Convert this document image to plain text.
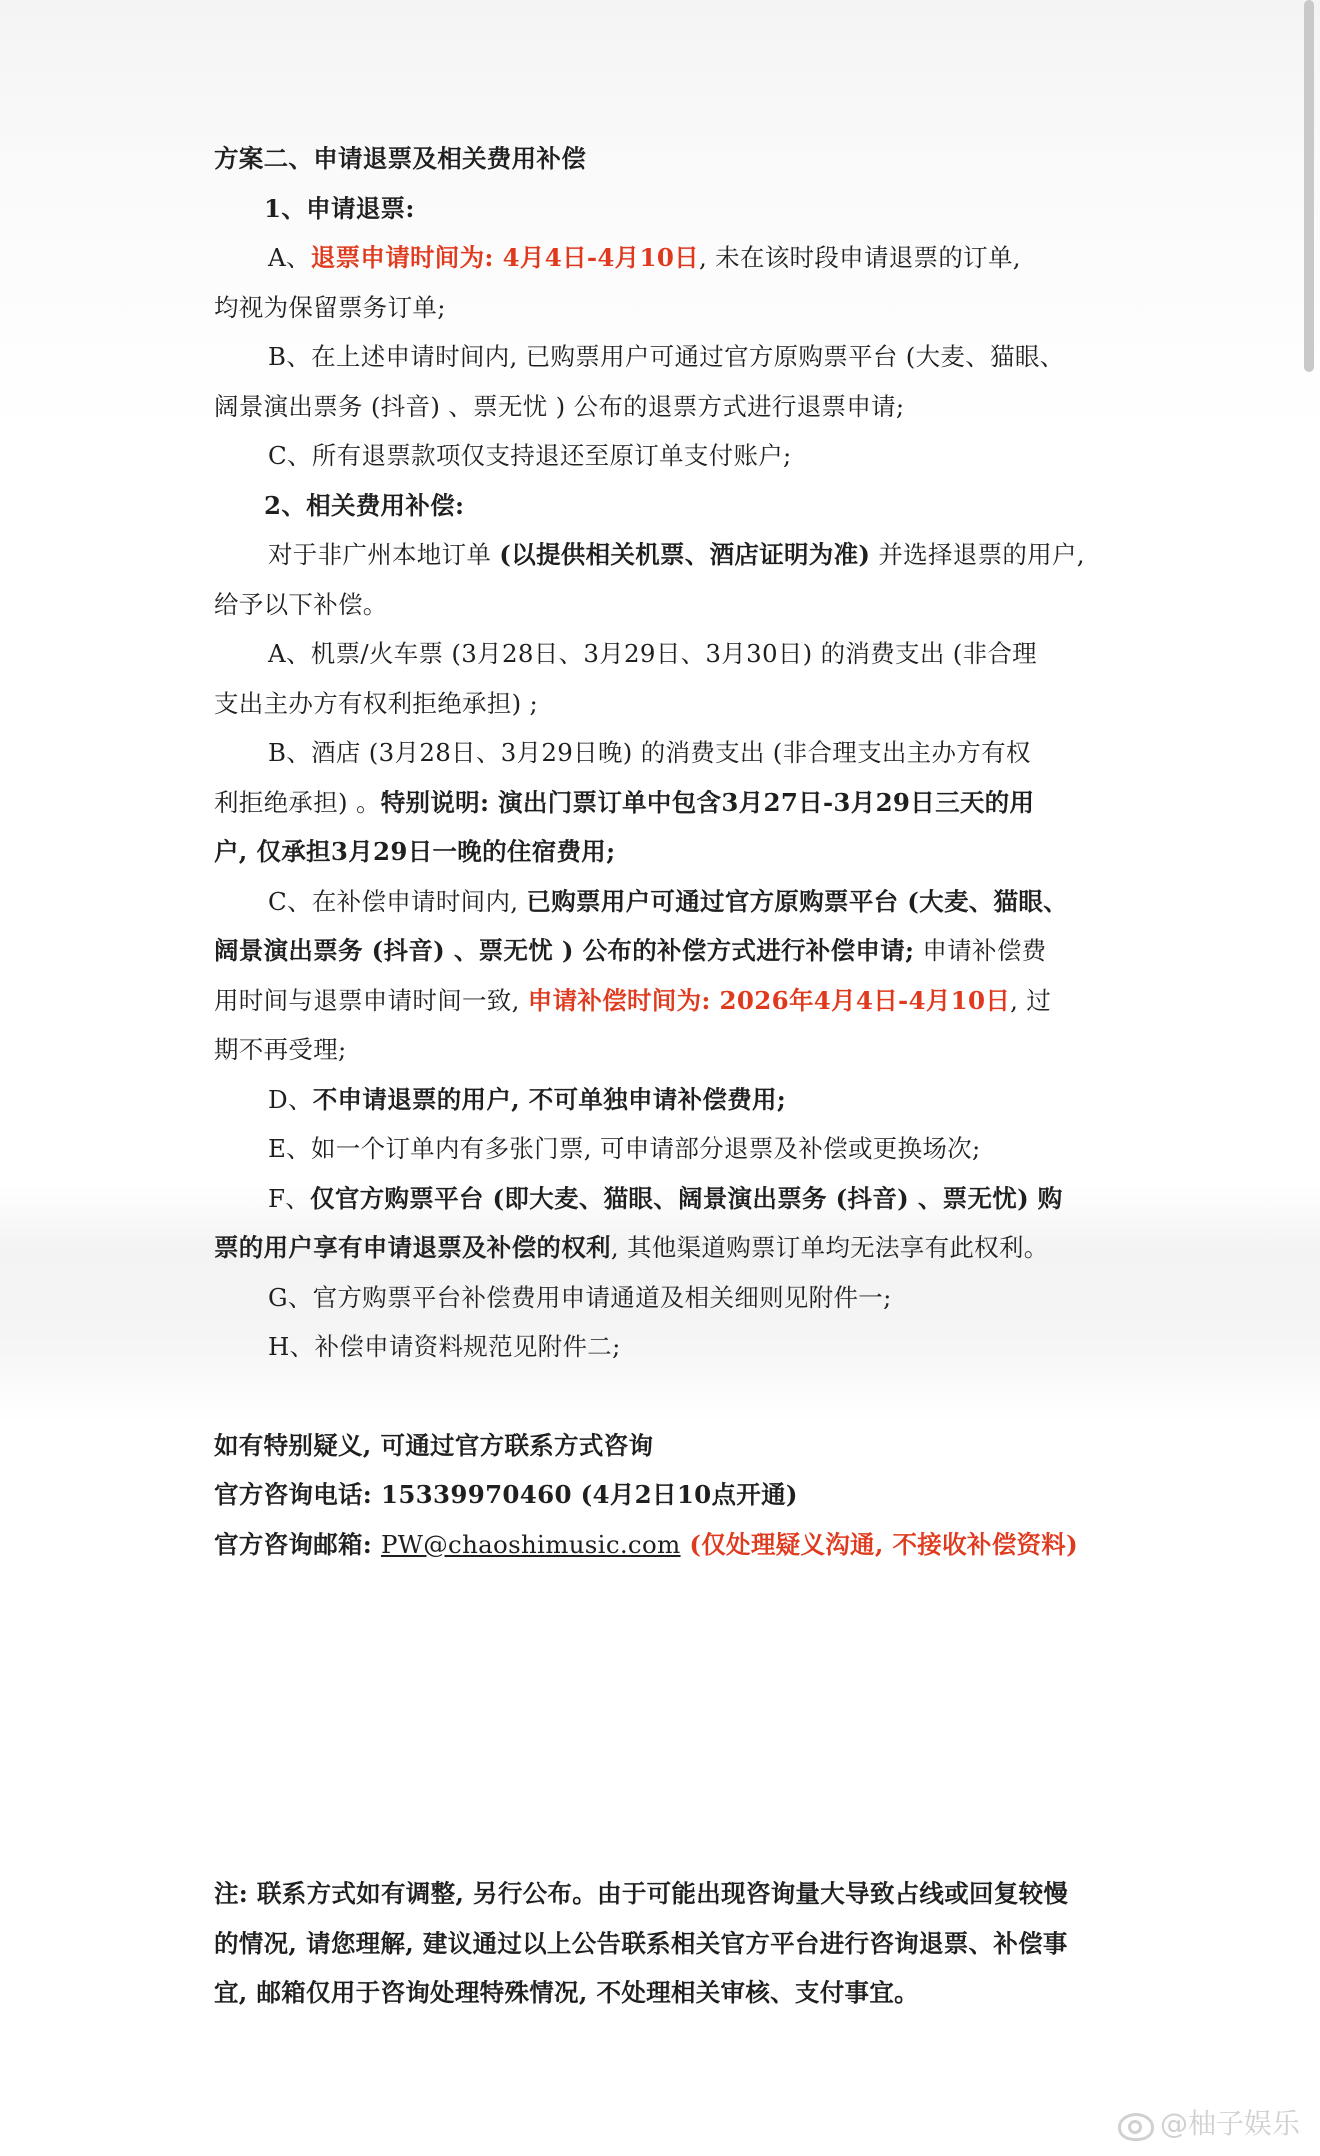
方案二、申请退票及相关费用补偿
1、申请退票:
A、退票申请时间为: 4月4日-4月10日, 未在该时段申请退票的订单,
均视为保留票务订单;
B、在上述申请时间内, 已购票用户可通过官方原购票平台 (大麦、猫眼、
阔景演出票务 (抖音) 、票无忧 ) 公布的退票方式进行退票申请;
C、所有退票款项仅支持退还至原订单支付账户;
2、相关费用补偿:
对于非广州本地订单 (以提供相关机票、酒店证明为准) 并选择退票的用户,
给予以下补偿。
A、机票/火车票 (3月28日、3月29日、3月30日) 的消费支出 (非合理
支出主办方有权利拒绝承担) ;
B、酒店 (3月28日、3月29日晚) 的消费支出 (非合理支出主办方有权
利拒绝承担) 。特别说明: 演出门票订单中包含3月27日-3月29日三天的用
户, 仅承担3月29日一晚的住宿费用;
C、在补偿申请时间内, 已购票用户可通过官方原购票平台 (大麦、猫眼、
阔景演出票务 (抖音) 、票无忧 ) 公布的补偿方式进行补偿申请; 申请补偿费
用时间与退票申请时间一致, 申请补偿时间为: 2026年4月4日-4月10日, 过
期不再受理;
D、不申请退票的用户, 不可单独申请补偿费用;
E、如一个订单内有多张门票, 可申请部分退票及补偿或更换场次;
F、仅官方购票平台 (即大麦、猫眼、阔景演出票务 (抖音) 、票无忧) 购
票的用户享有申请退票及补偿的权利, 其他渠道购票订单均无法享有此权利。
G、官方购票平台补偿费用申请通道及相关细则见附件一;
H、补偿申请资料规范见附件二;
如有特别疑义, 可通过官方联系方式咨询
官方咨询电话: 15339970460 (4月2日10点开通)
官方咨询邮箱: PW@chaoshimusic.com (仅处理疑义沟通, 不接收补偿资料)
注: 联系方式如有调整, 另行公布。由于可能出现咨询量大导致占线或回复较慢
的情况, 请您理解, 建议通过以上公告联系相关官方平台进行咨询退票、补偿事
宜, 邮箱仅用于咨询处理特殊情况, 不处理相关审核、支付事宜。
@柚子娱乐
